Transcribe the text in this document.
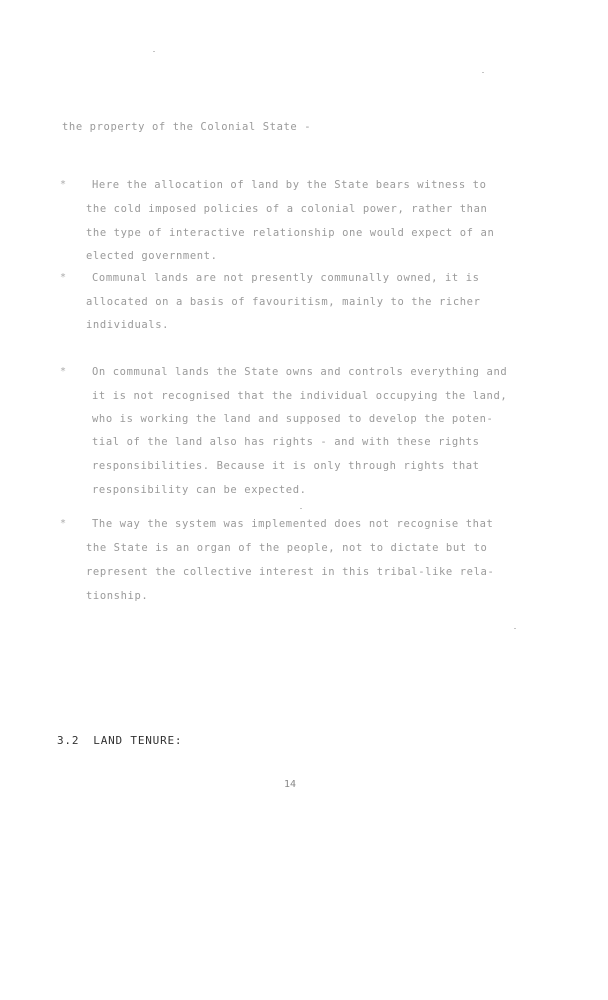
the property of the Colonial State -
* Here the allocation of land by the State bears witness to
the cold imposed policies of a colonial power, rather than
the type of interactive relationship one would expect of an
elected government.
* Communal lands are not presently communally owned, it is
allocated on a basis of favouritism, mainly to the richer
individuals.
* On communal lands the State owns and controls everything and
it is not recognised that the individual occupying the land,
who is working the land and supposed to develop the poten-
tial of the land also has rights - and with these rights
responsibilities. Because it is only through rights that
responsibility can be expected.
* The way the system was implemented does not recognise that
the State is an organ of the people, not to dictate but to
represent the collective interest in this tribal-like rela-
tionship.
3.2 LAND TENURE:
14
